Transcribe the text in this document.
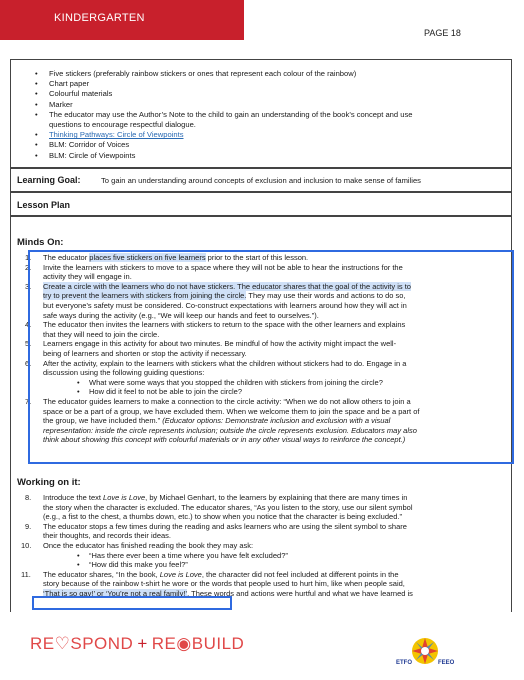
KINDERGARTEN
PAGE 18
• Five stickers (preferably rainbow stickers or ones that represent each colour of the rainbow)
• Chart paper
• Colourful materials
• Marker
• The educator may use the Author’s Note to the child to gain an understanding of the book’s concept and use
questions to encourage respectful dialogue.
• Thinking Pathways: Circle of Viewpoints
• BLM: Corridor of Voices
• BLM: Circle of Viewpoints
Learning Goal:	To gain an understanding around concepts of exclusion and inclusion to make sense of families
Lesson Plan
Minds On:
1. The educator places five stickers on five learners prior to the start of this lesson.
2. Invite the learners with stickers to move to a space where they will not be able to hear the instructions for the
activity they will engage in.
3. Create a circle with the learners who do not have stickers. The educator shares that the goal of the activity is to
try to prevent the learners with stickers from joining the circle. They may use their words and actions to do so,
but everyone’s safety must be considered. Co-construct expectations with learners around how they will act in
safe ways during the activity (e.g., “We will keep our hands and feet to ourselves.”).
4. The educator then invites the learners with stickers to return to the space with the other learners and explains
that they will need to join the circle.
5. Learners engage in this activity for about two minutes. Be mindful of how the activity might impact the well-
being of learners and shorten or stop the activity if necessary.
6. After the activity, explain to the learners with stickers what the children without stickers had to do. Engage in a
discussion using the following guiding questions:
• What were some ways that you stopped the children with stickers from joining the circle?
• How did it feel to not be able to join the circle?
7. The educator guides learners to make a connection to the circle activity: “When we do not allow others to join a
space or be a part of a group, we have excluded them. When we welcome them to join the space and be a part of
the group, we have included them.” (Educator options: Demonstrate inclusion and exclusion with a visual
representation: inside the circle represents inclusion; outside the circle represents exclusion. Educators may also
think about showing this concept with colourful materials or in any other visual ways to reinforce the concept.)
Working on it:
8. Introduce the text Love is Love, by Michael Genhart, to the learners by explaining that there are many times in
the story when the character is excluded. The educator shares, “As you listen to the story, use our silent symbol
(e.g., a fist to the chest, a thumbs down, etc.) to show when you notice that the character is being excluded.”
9. The educator stops a few times during the reading and asks learners who are using the silent symbol to share
their thoughts, and records their ideas.
10. Once the educator has finished reading the book they may ask:
• “Has there ever been a time where you have felt excluded?”
• “How did this make you feel?”
11. The educator shares, “In the book, Love is Love, the character did not feel included at different points in the
story because of the rainbow t-shirt he wore or the words that people used to hurt him, like when people said,
‘That is so gay!’ or ‘You’re not a real family!’. These words and actions were hurtful and what we have learned is
RE♡SPOND + RE◉BUILD
ETFO	FEEO
